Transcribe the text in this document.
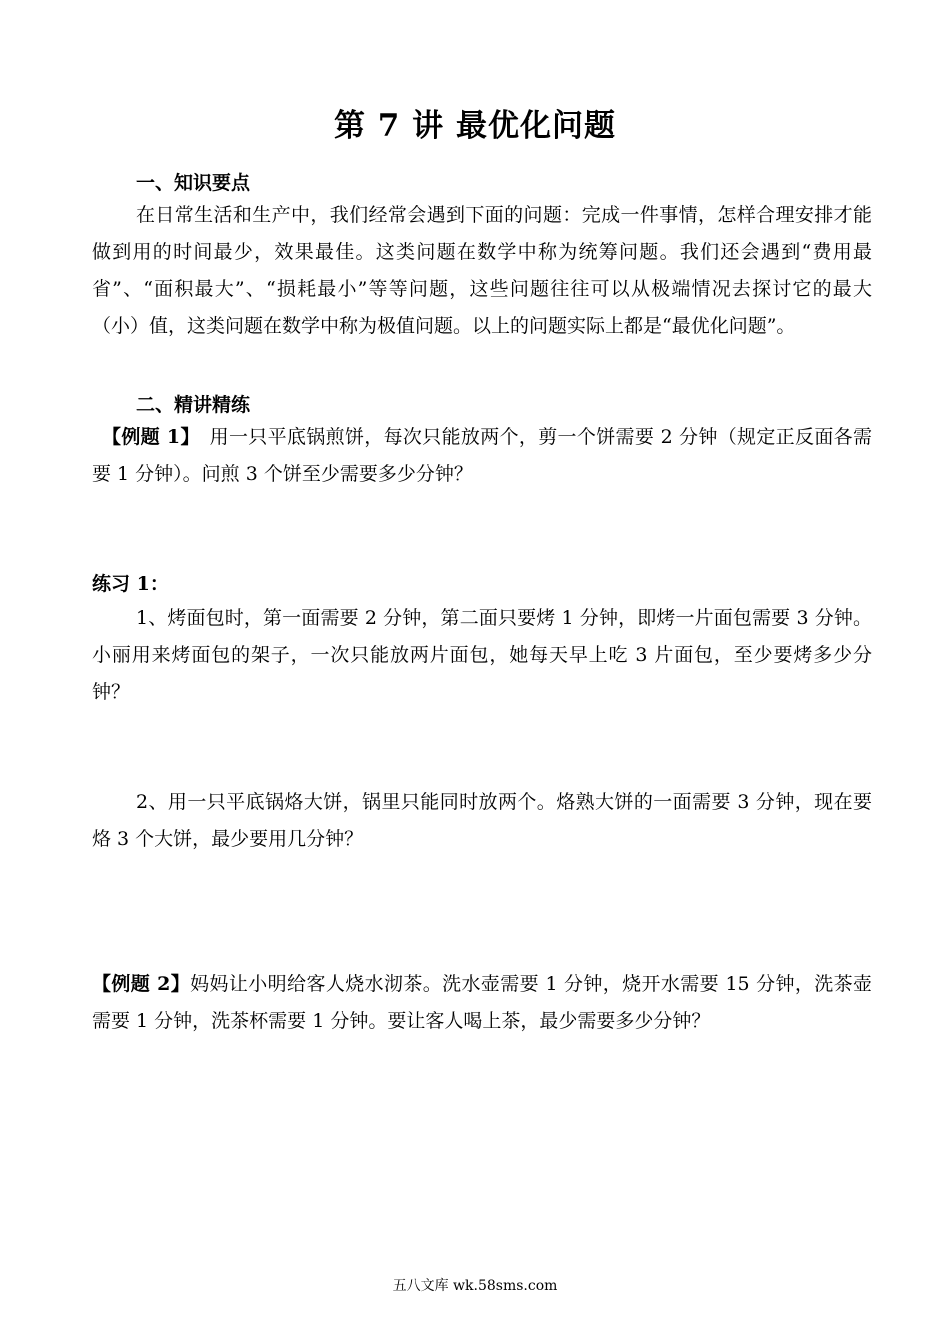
第 7 讲 最优化问题
一、知识要点
在日常生活和生产中，我们经常会遇到下面的问题：完成一件事情，怎样合理安排才能做到用的时间最少，效果最佳。这类问题在数学中称为统筹问题。我们还会遇到“费用最省”、“面积最大”、“损耗最小”等等问题，这些问题往往可以从极端情况去探讨它的最大（小）值，这类问题在数学中称为极值问题。以上的问题实际上都是“最优化问题”。
二、精讲精练
【例题 1】　用一只平底锅煎饼，每次只能放两个，剪一个饼需要 2 分钟（规定正反面各需要 1 分钟）。问煎 3 个饼至少需要多少分钟？
练习 1：
1、烤面包时，第一面需要 2 分钟，第二面只要烤 1 分钟，即烤一片面包需要 3 分钟。小丽用来烤面包的架子，一次只能放两片面包，她每天早上吃 3 片面包，至少要烤多少分钟？
2、用一只平底锅烙大饼，锅里只能同时放两个。烙熟大饼的一面需要 3 分钟，现在要烙 3 个大饼，最少要用几分钟？
【例题 2】妈妈让小明给客人烧水沏茶。洗水壶需要 1 分钟，烧开水需要 15 分钟，洗茶壶需要 1 分钟，洗茶杯需要 1 分钟。要让客人喝上茶，最少需要多少分钟？
五八文库 wk.58sms.com
